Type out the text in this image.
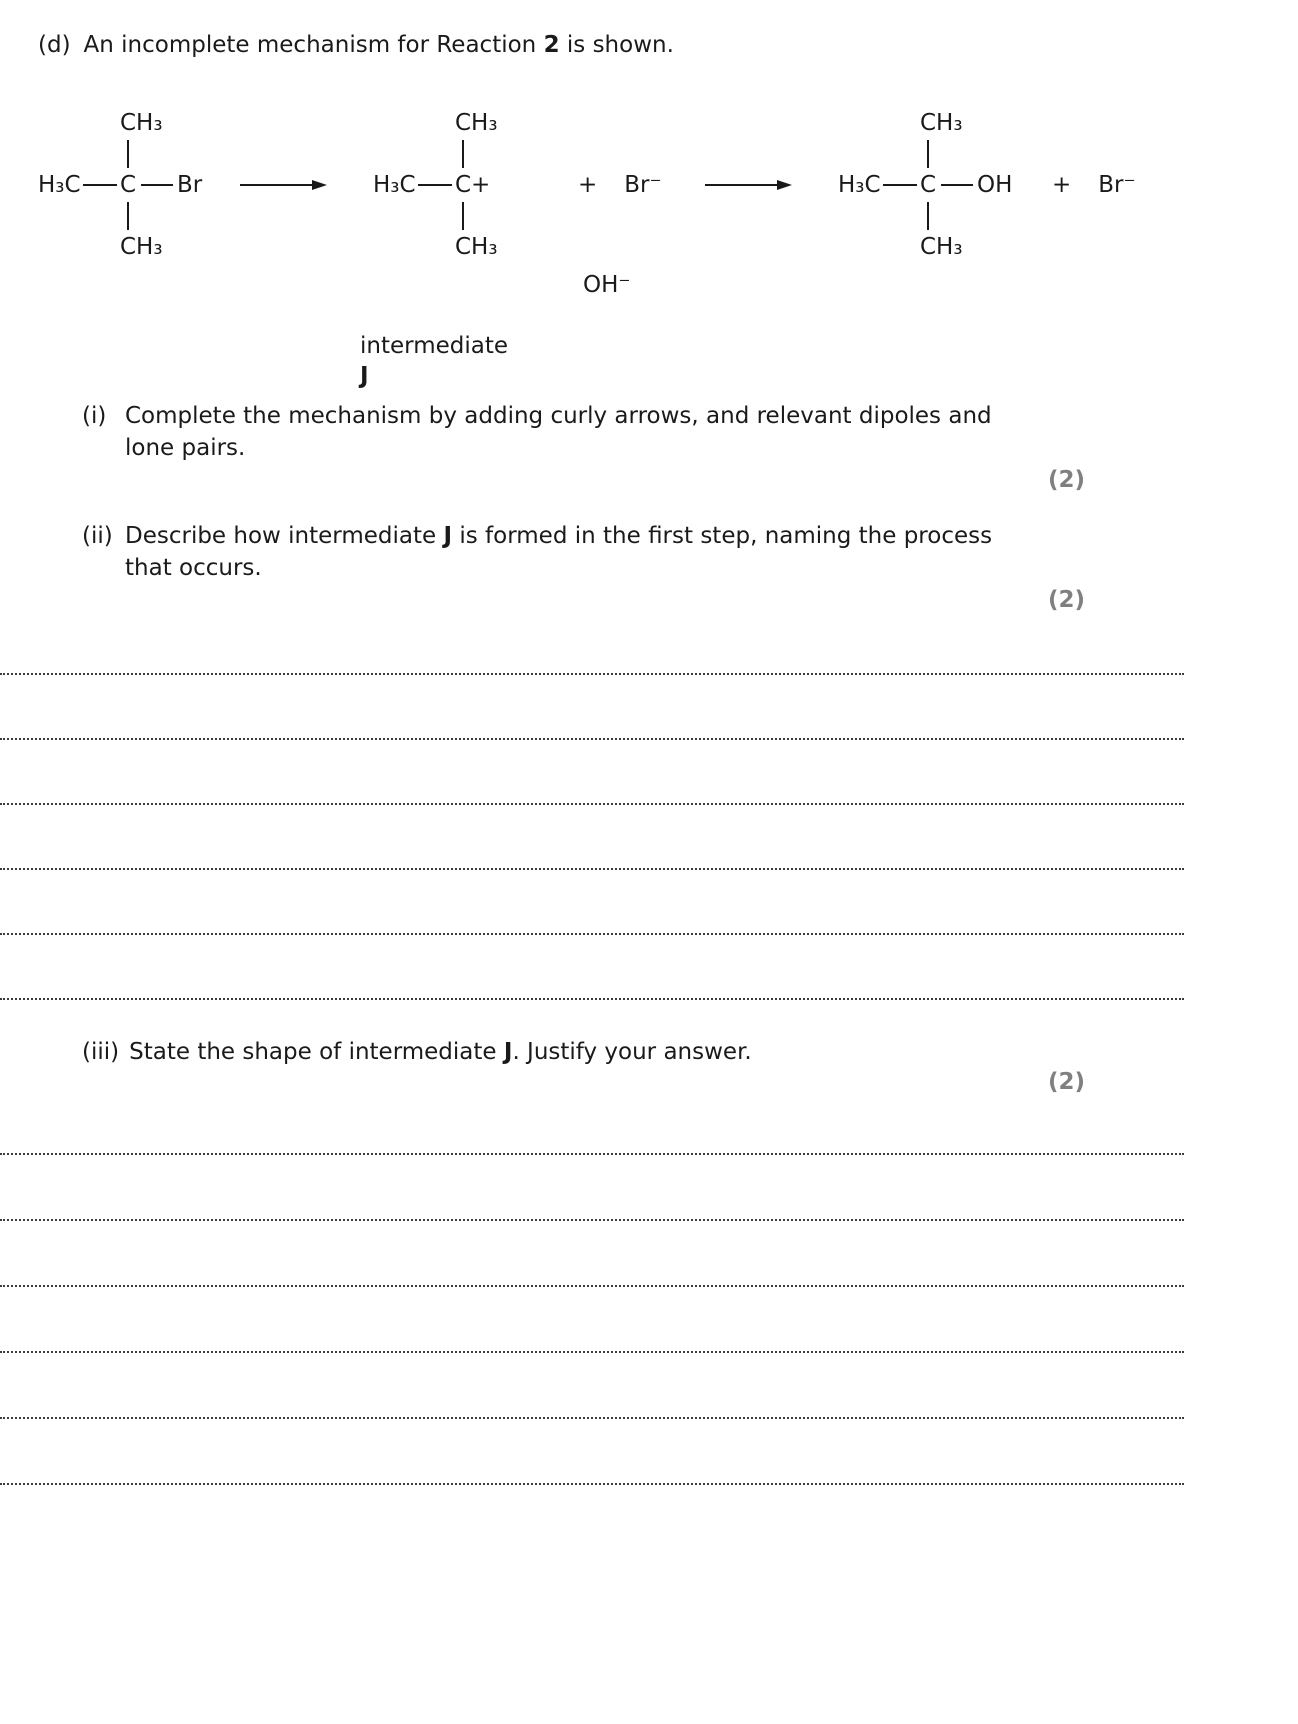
(d) An incomplete mechanism for Reaction 2 is shown.
CH₃
H₃C C Br
CH₃
CH₃
H₃C C+
CH₃
+ Br⁻
OH⁻
intermediate J
CH₃
H₃C C OH
CH₃
+ Br⁻
(i) Complete the mechanism by adding curly arrows, and relevant dipoles and
lone pairs.
(2)
(ii) Describe how intermediate J is formed in the first step, naming the process
that occurs.
(2)
(iii) State the shape of intermediate J. Justify your answer.
(2)
